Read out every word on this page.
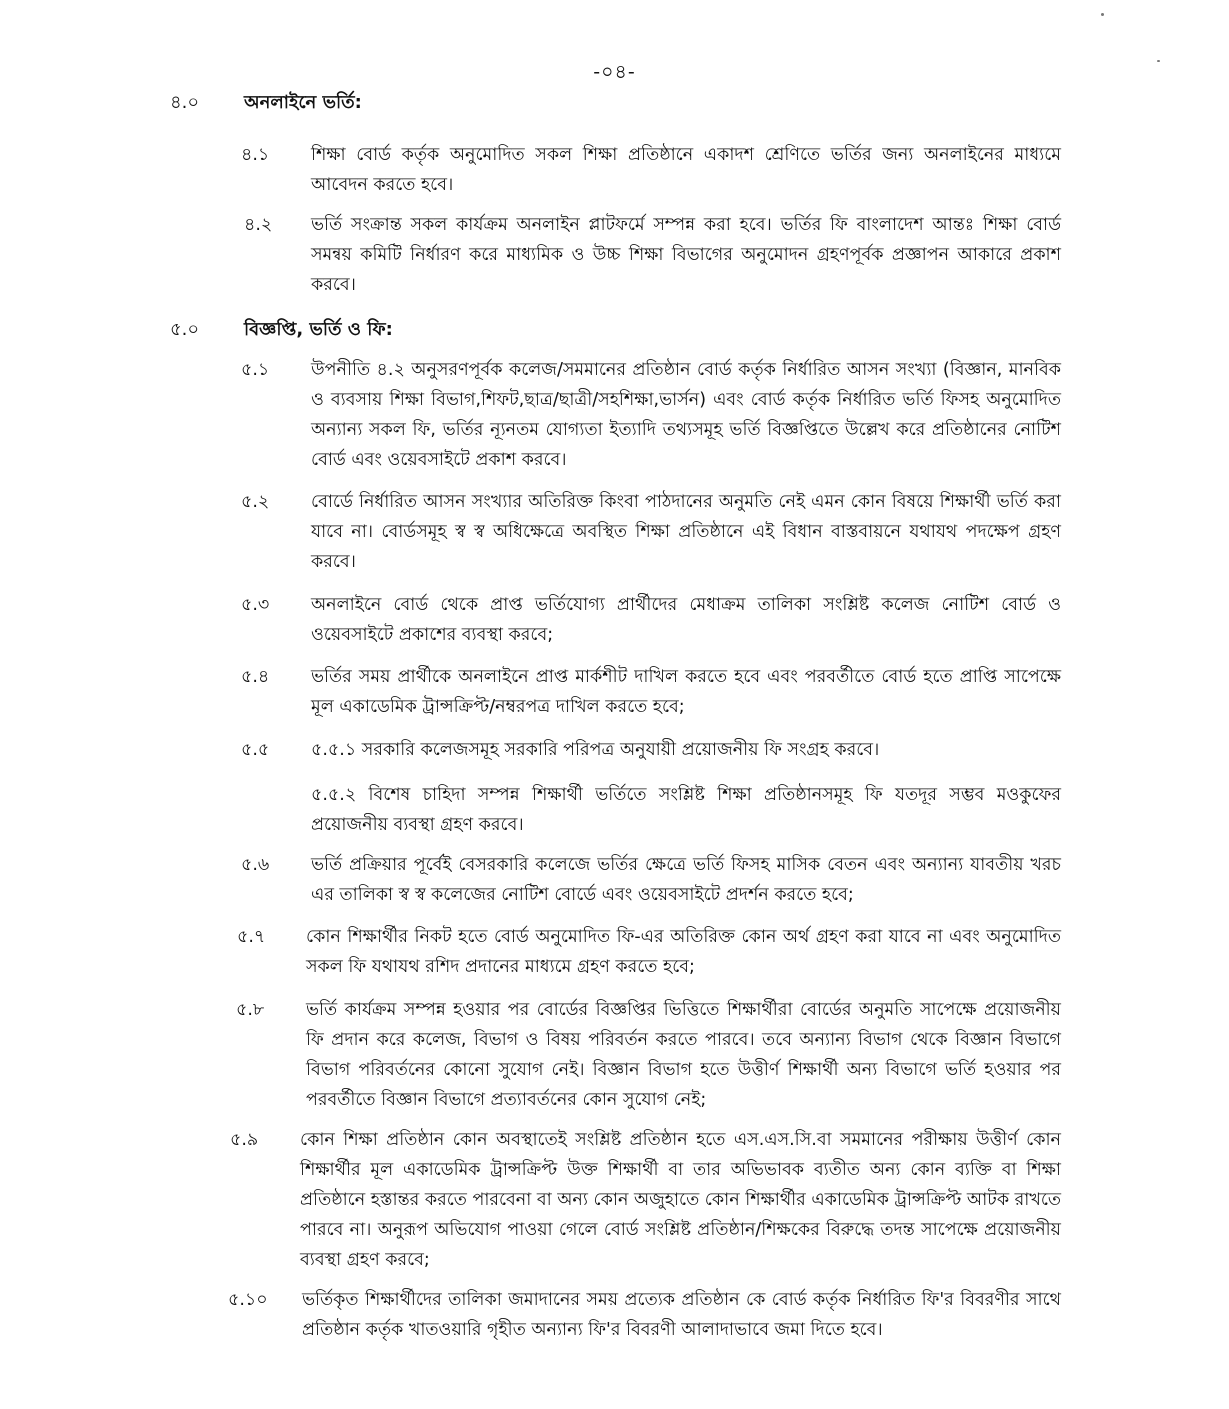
-০৪-
৪.০	অনলাইনে ভর্তি:
৪.১	শিক্ষা বোর্ড কর্তৃক অনুমোদিত সকল শিক্ষা প্রতিষ্ঠানে একাদশ শ্রেণিতে ভর্তির জন্য অনলাইনের মাধ্যমে আবেদন করতে হবে।
৪.২	ভর্তি সংক্রান্ত সকল কার্যক্রম অনলাইন প্লাটফর্মে সম্পন্ন করা হবে। ভর্তির ফি বাংলাদেশ আন্তঃ শিক্ষা বোর্ড সমন্বয় কমিটি নির্ধারণ করে মাধ্যমিক ও উচ্চ শিক্ষা বিভাগের অনুমোদন গ্রহণপূর্বক প্রজ্ঞাপন আকারে প্রকাশ করবে।
৫.০	বিজ্ঞপ্তি, ভর্তি ও ফি:
৫.১	উপনীতি ৪.২ অনুসরণপূর্বক কলেজ/সমমানের প্রতিষ্ঠান বোর্ড কর্তৃক নির্ধারিত আসন সংখ্যা (বিজ্ঞান, মানবিক ও ব্যবসায় শিক্ষা বিভাগ,শিফট,ছাত্র/ছাত্রী/সহশিক্ষা,ভার্সন) এবং বোর্ড কর্তৃক নির্ধারিত ভর্তি ফিসহ অনুমোদিত অন্যান্য সকল ফি, ভর্তির ন্যূনতম যোগ্যতা ইত্যাদি তথ্যসমূহ ভর্তি বিজ্ঞপ্তিতে উল্লেখ করে প্রতিষ্ঠানের নোটিশ বোর্ড এবং ওয়েবসাইটে প্রকাশ করবে।
৫.২	বোর্ডে নির্ধারিত আসন সংখ্যার অতিরিক্ত কিংবা পাঠদানের অনুমতি নেই এমন কোন বিষয়ে শিক্ষার্থী ভর্তি করা যাবে না। বোর্ডসমূহ স্ব স্ব অধিক্ষেত্রে অবস্থিত শিক্ষা প্রতিষ্ঠানে এই বিধান বাস্তবায়নে যথাযথ পদক্ষেপ গ্রহণ করবে।
৫.৩	অনলাইনে বোর্ড থেকে প্রাপ্ত ভর্তিযোগ্য প্রার্থীদের মেধাক্রম তালিকা সংশ্লিষ্ট কলেজ নোটিশ বোর্ড ও ওয়েবসাইটে প্রকাশের ব্যবস্থা করবে;
৫.৪	ভর্তির সময় প্রার্থীকে অনলাইনে প্রাপ্ত মার্কশীট দাখিল করতে হবে এবং পরবর্তীতে বোর্ড হতে প্রাপ্তি সাপেক্ষে মূল একাডেমিক ট্রান্সক্রিপ্ট/নম্বরপত্র দাখিল করতে হবে;
৫.৫	৫.৫.১ সরকারি কলেজসমূহ সরকারি পরিপত্র অনুযায়ী প্রয়োজনীয় ফি সংগ্রহ করবে।
৫.৫.২ বিশেষ চাহিদা সম্পন্ন শিক্ষার্থী ভর্তিতে সংশ্লিষ্ট শিক্ষা প্রতিষ্ঠানসমূহ ফি যতদূর সম্ভব মওকুফের প্রয়োজনীয় ব্যবস্থা গ্রহণ করবে।
৫.৬	ভর্তি প্রক্রিয়ার পূর্বেই বেসরকারি কলেজে ভর্তির ক্ষেত্রে ভর্তি ফিসহ মাসিক বেতন এবং অন্যান্য যাবতীয় খরচ এর তালিকা স্ব স্ব কলেজের নোটিশ বোর্ডে এবং ওয়েবসাইটে প্রদর্শন করতে হবে;
৫.৭	কোন শিক্ষার্থীর নিকট হতে বোর্ড অনুমোদিত ফি-এর অতিরিক্ত কোন অর্থ গ্রহণ করা যাবে না এবং অনুমোদিত সকল ফি যথাযথ রশিদ প্রদানের মাধ্যমে গ্রহণ করতে হবে;
৫.৮	ভর্তি কার্যক্রম সম্পন্ন হওয়ার পর বোর্ডের বিজ্ঞপ্তির ভিত্তিতে শিক্ষার্থীরা বোর্ডের অনুমতি সাপেক্ষে প্রয়োজনীয় ফি প্রদান করে কলেজ, বিভাগ ও বিষয় পরিবর্তন করতে পারবে। তবে অন্যান্য বিভাগ থেকে বিজ্ঞান বিভাগে বিভাগ পরিবর্তনের কোনো সুযোগ নেই। বিজ্ঞান বিভাগ হতে উত্তীর্ণ শিক্ষার্থী অন্য বিভাগে ভর্তি হওয়ার পর পরবর্তীতে বিজ্ঞান বিভাগে প্রত্যাবর্তনের কোন সুযোগ নেই;
৫.৯	কোন শিক্ষা প্রতিষ্ঠান কোন অবস্থাতেই সংশ্লিষ্ট প্রতিষ্ঠান হতে এস.এস.সি.বা সমমানের পরীক্ষায় উত্তীর্ণ কোন শিক্ষার্থীর মূল একাডেমিক ট্রান্সক্রিপ্ট উক্ত শিক্ষার্থী বা তার অভিভাবক ব্যতীত অন্য কোন ব্যক্তি বা শিক্ষা প্রতিষ্ঠানে হস্তান্তর করতে পারবেনা বা অন্য কোন অজুহাতে কোন শিক্ষার্থীর একাডেমিক ট্রান্সক্রিপ্ট আটক রাখতে পারবে না। অনুরূপ অভিযোগ পাওয়া গেলে বোর্ড সংশ্লিষ্ট প্রতিষ্ঠান/শিক্ষকের বিরুদ্ধে তদন্ত সাপেক্ষে প্রয়োজনীয় ব্যবস্থা গ্রহণ করবে;
৫.১০	ভর্তিকৃত শিক্ষার্থীদের তালিকা জমাদানের সময় প্রত্যেক প্রতিষ্ঠান কে বোর্ড কর্তৃক নির্ধারিত ফি'র বিবরণীর সাথে প্রতিষ্ঠান কর্তৃক খাতওয়ারি গৃহীত অন্যান্য ফি'র বিবরণী আলাদাভাবে জমা দিতে হবে।
